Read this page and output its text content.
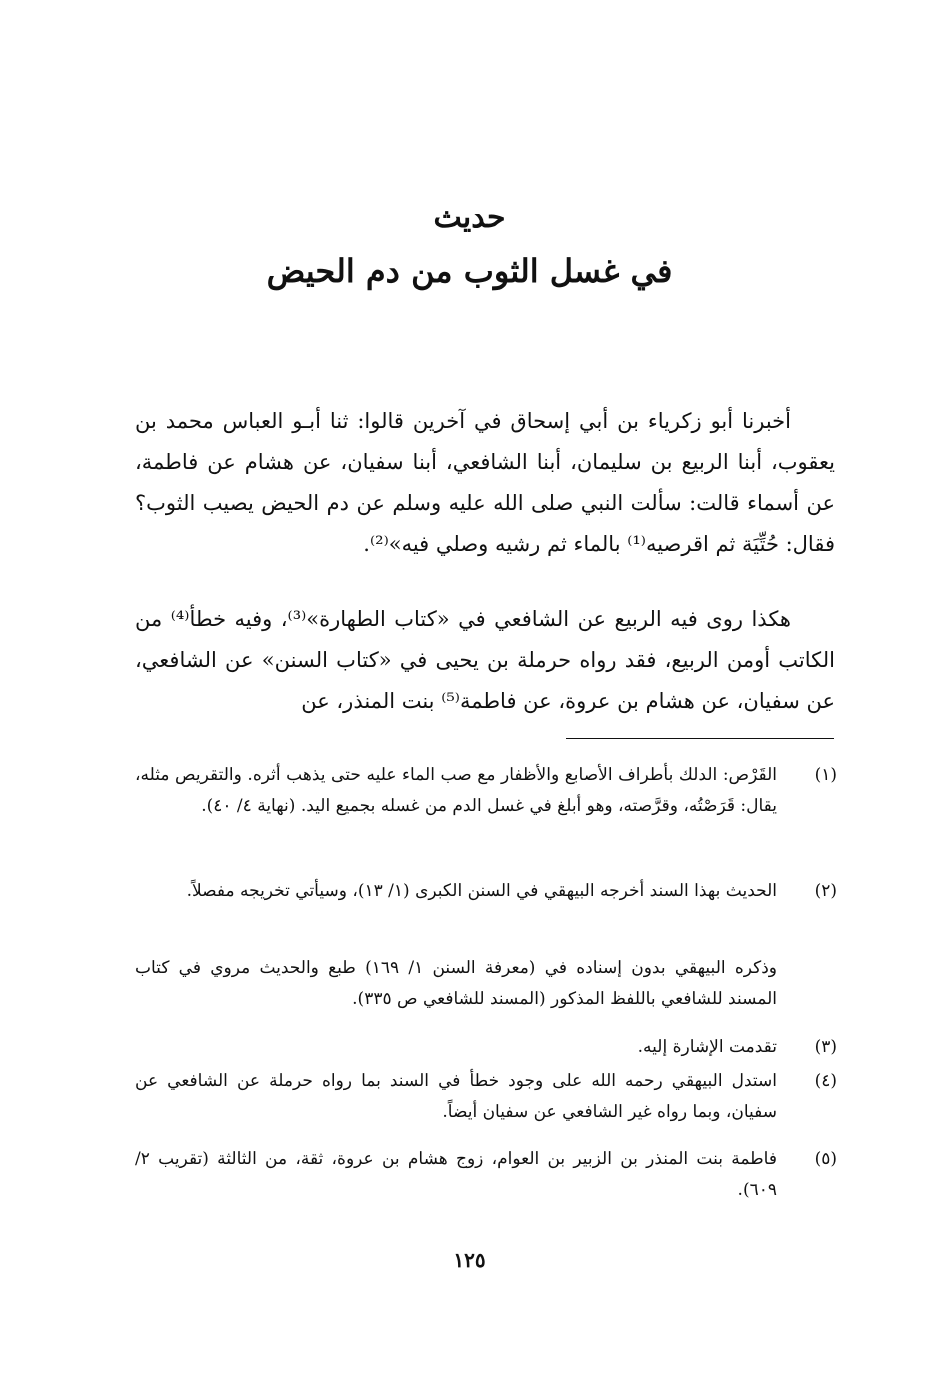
حديث
في غسل الثوب من دم الحيض

أخبرنا أبو زكرياء بن أبي إسحاق في آخرين قالوا: ثنا أبـو العباس محمد بن يعقوب، أبنا الربيع بن سليمان، أبنا الشافعي، أبنا سفيان، عن هشام عن فاطمة، عن أسماء قالت: سألت النبي صلى الله عليه وسلم عن دم الحيض يصيب الثوب؟ فقال: حُتِّيَة ثم اقرصيه⁽¹⁾ بالماء ثم رشيه وصلي فيه»⁽²⁾.

هكذا روى فيه الربيع عن الشافعي في «كتاب الطهارة»⁽³⁾، وفيه خطأ⁽⁴⁾ من الكاتب أومن الربيع، فقد رواه حرملة بن يحيى في «كتاب السنن» عن الشافعي، عن سفيان، عن هشام بن عروة، عن فاطمة⁽⁵⁾ بنت المنذر، عن

(١)
القَرْص: الدلك بأطراف الأصابع والأظفار مع صب الماء عليه حتى يذهب أثره. والتقريص مثله، يقال: قَرَصْتُه، وقرَّصته، وهو أبلغ في غسل الدم من غسله بجميع اليد. (نهاية ٤/ ٤٠).
(٢)
الحديث بهذا السند أخرجه البيهقي في السنن الكبرى (١/ ١٣)، وسيأتي تخريجه مفصلاً.
وذكره البيهقي بدون إسناده في (معرفة السنن ١/ ١٦٩) طبع والحديث مروي في كتاب المسند للشافعي باللفظ المذكور (المسند للشافعي ص ٣٣٥).
(٣)
تقدمت الإشارة إليه.
(٤)
استدل البيهقي رحمه الله على وجود خطأ في السند بما رواه حرملة عن الشافعي عن سفيان، وبما رواه غير الشافعي عن سفيان أيضاً.
(٥)
فاطمة بنت المنذر بن الزبير بن العوام، زوج هشام بن عروة، ثقة، من الثالثة (تقريب ٢/ ٦٠٩).
١٢٥
